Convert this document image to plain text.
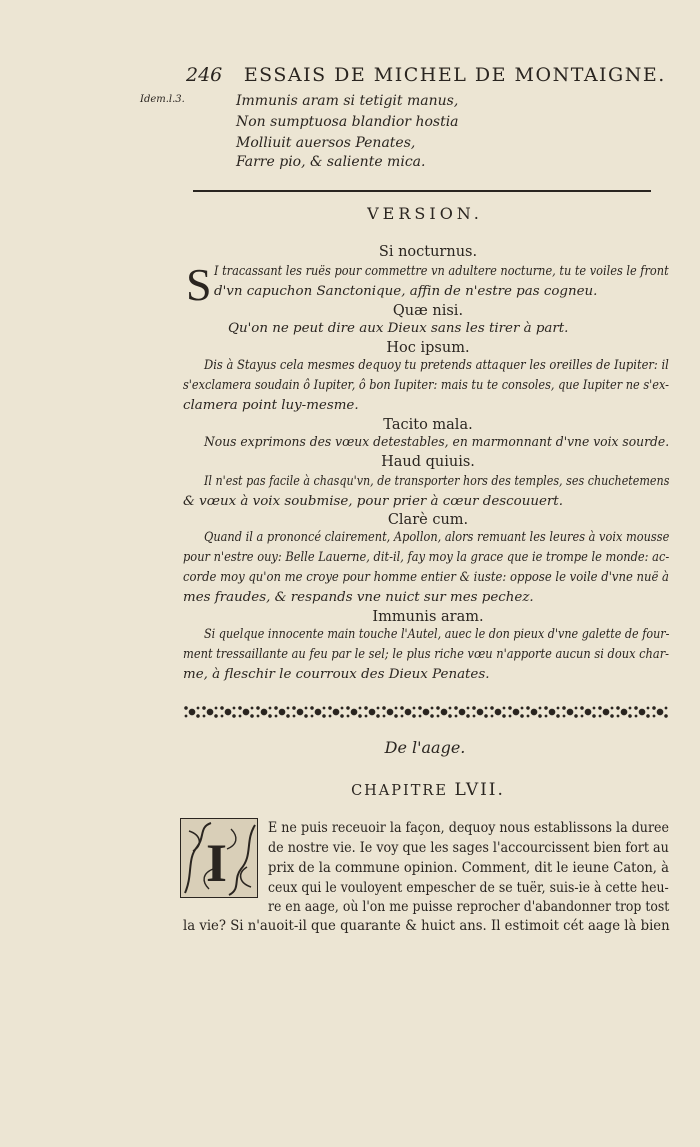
246 ESSAIS DE MICHEL DE MONTAIGNE.
Idem.l.3.	Immunis aram si tetigit manus,
Non sumptuosa blandior hostia
Molliuit auersos Penates,
Farre pio, & saliente mica.
VERSION.
Si nocturnus.
S I tracassant les ruës pour commettre vn adultere nocturne, tu te voiles le front
d'vn capuchon Sanctonique, affin de n'estre pas cogneu.
Quæ nisi.
Qu'on ne peut dire aux Dieux sans les tirer à part.
Hoc ipsum.
Dis à Stayus cela mesmes dequoy tu pretends attaquer les oreilles de Iupiter: il
s'exclamera soudain ô Iupiter, ô bon Iupiter: mais tu te consoles, que Iupiter ne s'ex-
clamera point luy-mesme.
Tacito mala.
Nous exprimons des vœux detestables, en marmonnant d'vne voix sourde.
Haud quiuis.
Il n'est pas facile à chasqu'vn, de transporter hors des temples, ses chuchetemens
& vœux à voix soubmise, pour prier à cœur descouuert.
Clarè cum.
Quand il a prononcé clairement, Apollon, alors remuant les leures à voix mousse
pour n'estre ouy: Belle Lauerne, dit-il, fay moy la grace que ie trompe le monde: ac-
corde moy qu'on me croye pour homme entier & iuste: oppose le voile d'vne nuë à
mes fraudes, & respands vne nuict sur mes pechez.
Immunis aram.
Si quelque innocente main touche l'Autel, auec le don pieux d'vne galette de four-
ment tressaillante au feu par le sel; le plus riche vœu n'apporte aucun si doux char-
me, à fleschir le courroux des Dieux Penates.
De l'aage.
CHAPITRE LVII.
I
E ne puis receuoir la façon, dequoy nous establissons la duree
de nostre vie. Ie voy que les sages l'accourcissent bien fort au
prix de la commune opinion. Comment, dit le ieune Caton, à
ceux qui le vouloyent empescher de se tuër, suis-ie à cette heu-
re en aage, où l'on me puisse reprocher d'abandonner trop tost
la vie? Si n'auoit-il que quarante & huict ans. Il estimoit cét aage là bien
